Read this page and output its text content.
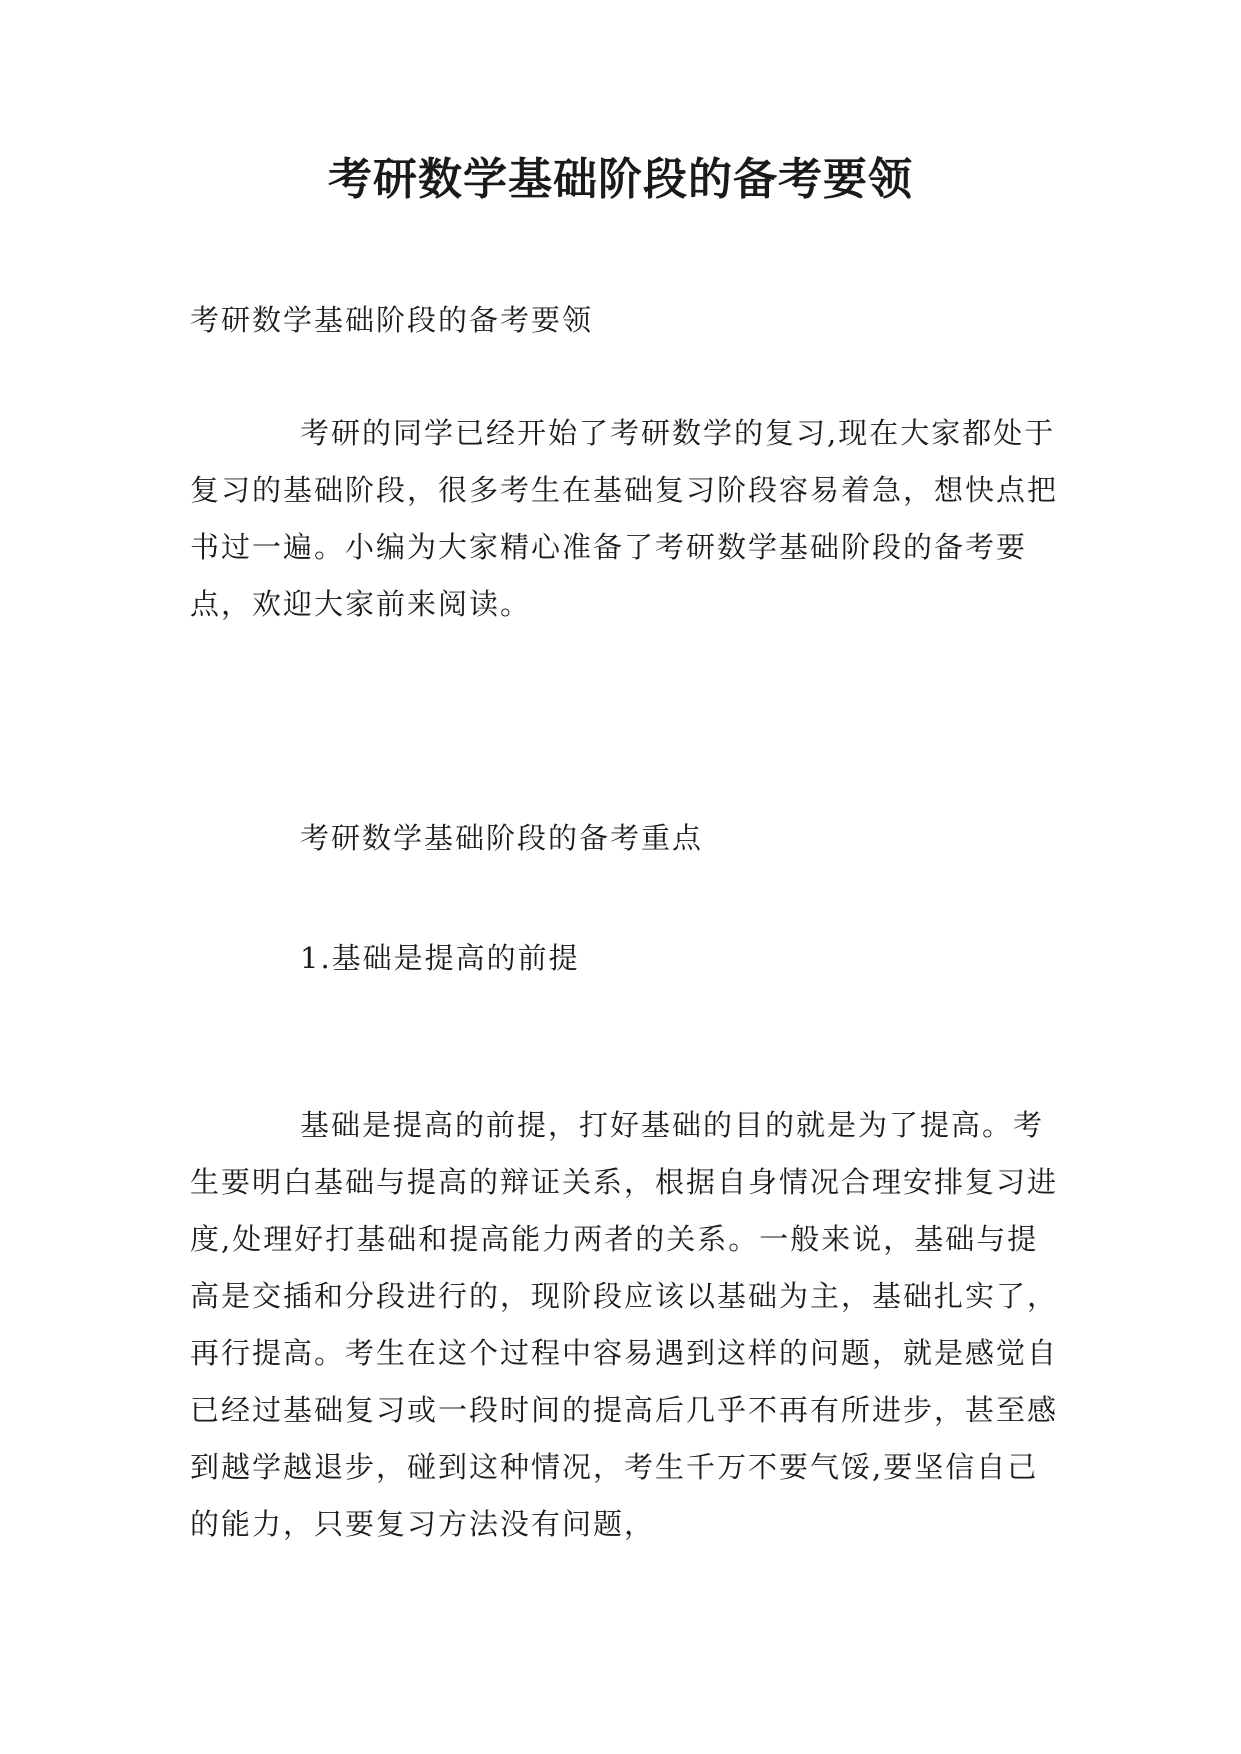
考研数学基础阶段的备考要领

考研数学基础阶段的备考要领

考研的同学已经开始了考研数学的复习,现在大家都处于复习的基础阶段，很多考生在基础复习阶段容易着急，想快点把书过一遍。小编为大家精心准备了考研数学基础阶段的备考要点，欢迎大家前来阅读。

考研数学基础阶段的备考重点

1.基础是提高的前提

基础是提高的前提，打好基础的目的就是为了提高。考生要明白基础与提高的辩证关系，根据自身情况合理安排复习进度,处理好打基础和提高能力两者的关系。一般来说，基础与提高是交插和分段进行的，现阶段应该以基础为主，基础扎实了，再行提高。考生在这个过程中容易遇到这样的问题，就是感觉自已经过基础复习或一段时间的提高后几乎不再有所进步，甚至感到越学越退步，碰到这种情况，考生千万不要气馁,要坚信自己的能力，只要复习方法没有问题，
